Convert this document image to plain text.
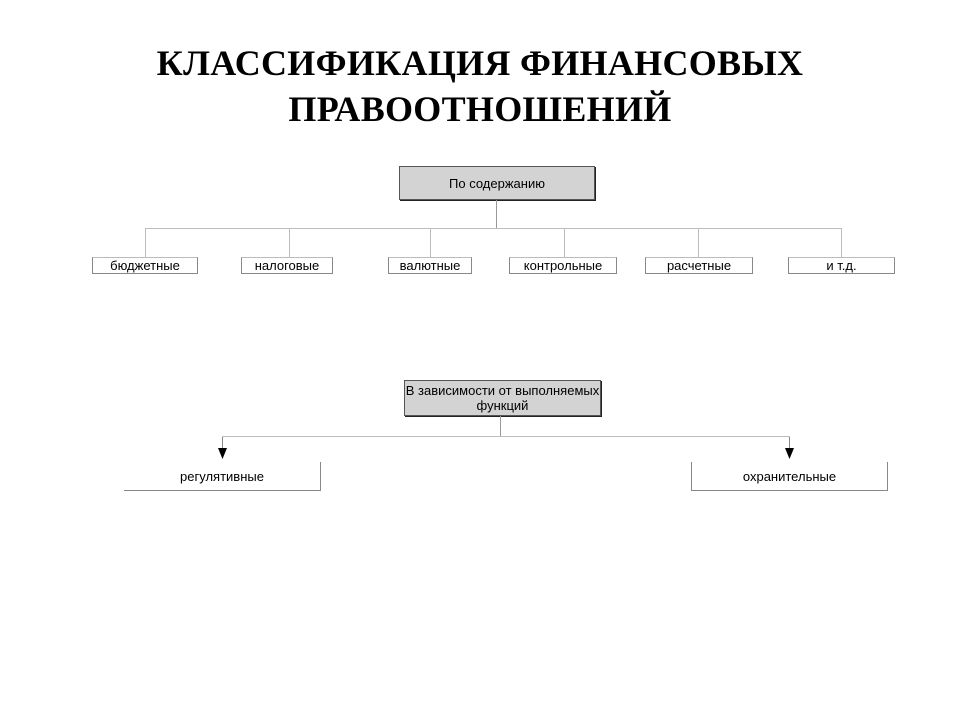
КЛАССИФИКАЦИЯ ФИНАНСОВЫХ
ПРАВООТНОШЕНИЙ
По содержанию
бюджетные	налоговые	валютные	контрольные	расчетные	и т.д.
В зависимости от выполняемых функций
регулятивные	охранительные
